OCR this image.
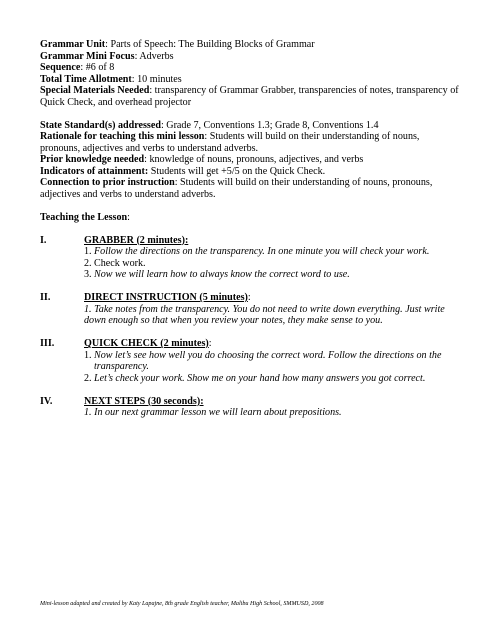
Grammar Unit: Parts of Speech: The Building Blocks of Grammar

Grammar Mini Focus: Adverbs

Sequence: #6 of 8

Total Time Allotment: 10 minutes

Special Materials Needed: transparency of Grammar Grabber, transparencies of notes, transparency of Quick Check, and overhead projector

State Standard(s) addressed: Grade 7, Conventions 1.3; Grade 8, Conventions 1.4

Rationale for teaching this mini lesson: Students will build on their understanding of nouns, pronouns, adjectives and verbs to understand adverbs.

Prior knowledge needed: knowledge of nouns, pronouns, adjectives, and verbs

Indicators of attainment: Students will get +5/5 on the Quick Check.

Connection to prior instruction: Students will build on their understanding of nouns, pronouns, adjectives and verbs to understand adverbs.

Teaching the Lesson:

I.	GRABBER (2 minutes):

1. Follow the directions on the transparency. In one minute you will check your work.
2. Check work.
3. Now we will learn how to always know the correct word to use.
II.	DIRECT INSTRUCTION (5 minutes):

1. Take notes from the transparency. You do not need to write down everything. Just write down enough so that when you review your notes, they make sense to you.

III.	QUICK CHECK (2 minutes):

1. Now let’s see how well you do choosing the correct word. Follow the directions on the transparency.
2. Let’s check your work. Show me on your hand how many answers you got correct.
IV.	NEXT STEPS (30 seconds):

1. In our next grammar lesson we will learn about prepositions.

Mini-lesson adapted and created by Katy Lapajne, 8th grade English teacher, Malibu High School, SMMUSD, 2008
